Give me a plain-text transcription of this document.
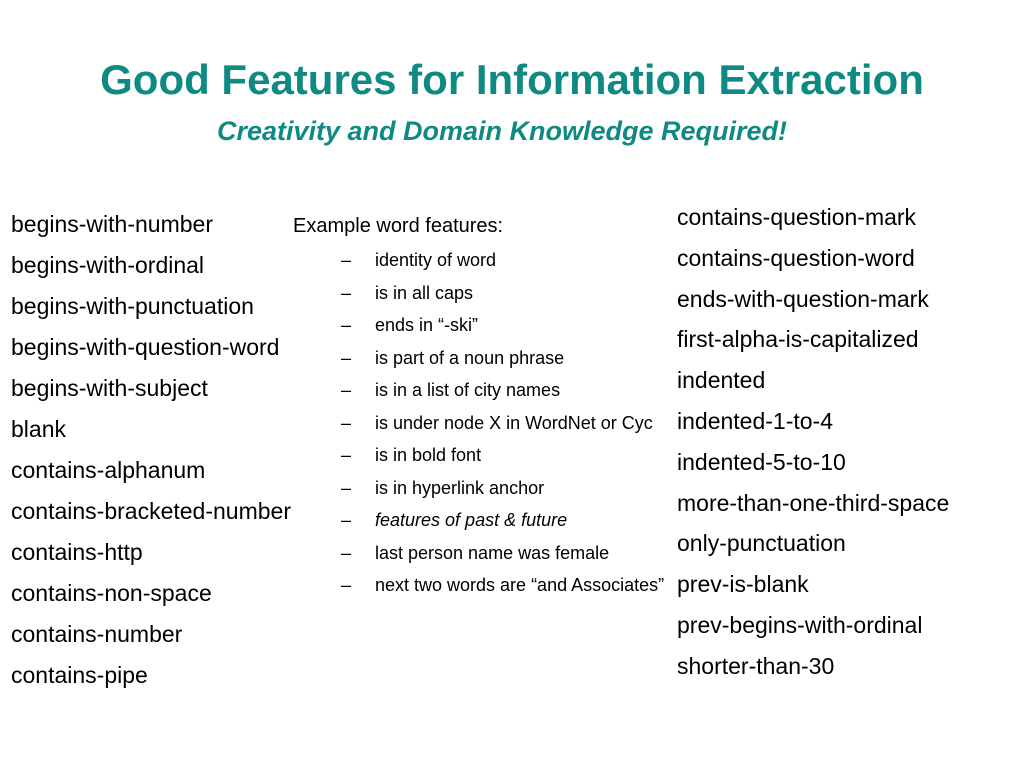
Good Features for Information Extraction
Creativity and Domain Knowledge Required!
begins-with-number
begins-with-ordinal
begins-with-punctuation
begins-with-question-word
begins-with-subject
blank
contains-alphanum
contains-bracketed-number
contains-http
contains-non-space
contains-number
contains-pipe
Example word features:
– identity of word
– is in all caps
– ends in “-ski”
– is part of a noun phrase
– is in a list of city names
– is under node X in WordNet or Cyc
– is in bold font
– is in hyperlink anchor
– features of past & future
– last person name was female
– next two words are “and Associates”
contains-question-mark
contains-question-word
ends-with-question-mark
first-alpha-is-capitalized
indented
indented-1-to-4
indented-5-to-10
more-than-one-third-space
only-punctuation
prev-is-blank
prev-begins-with-ordinal
shorter-than-30
